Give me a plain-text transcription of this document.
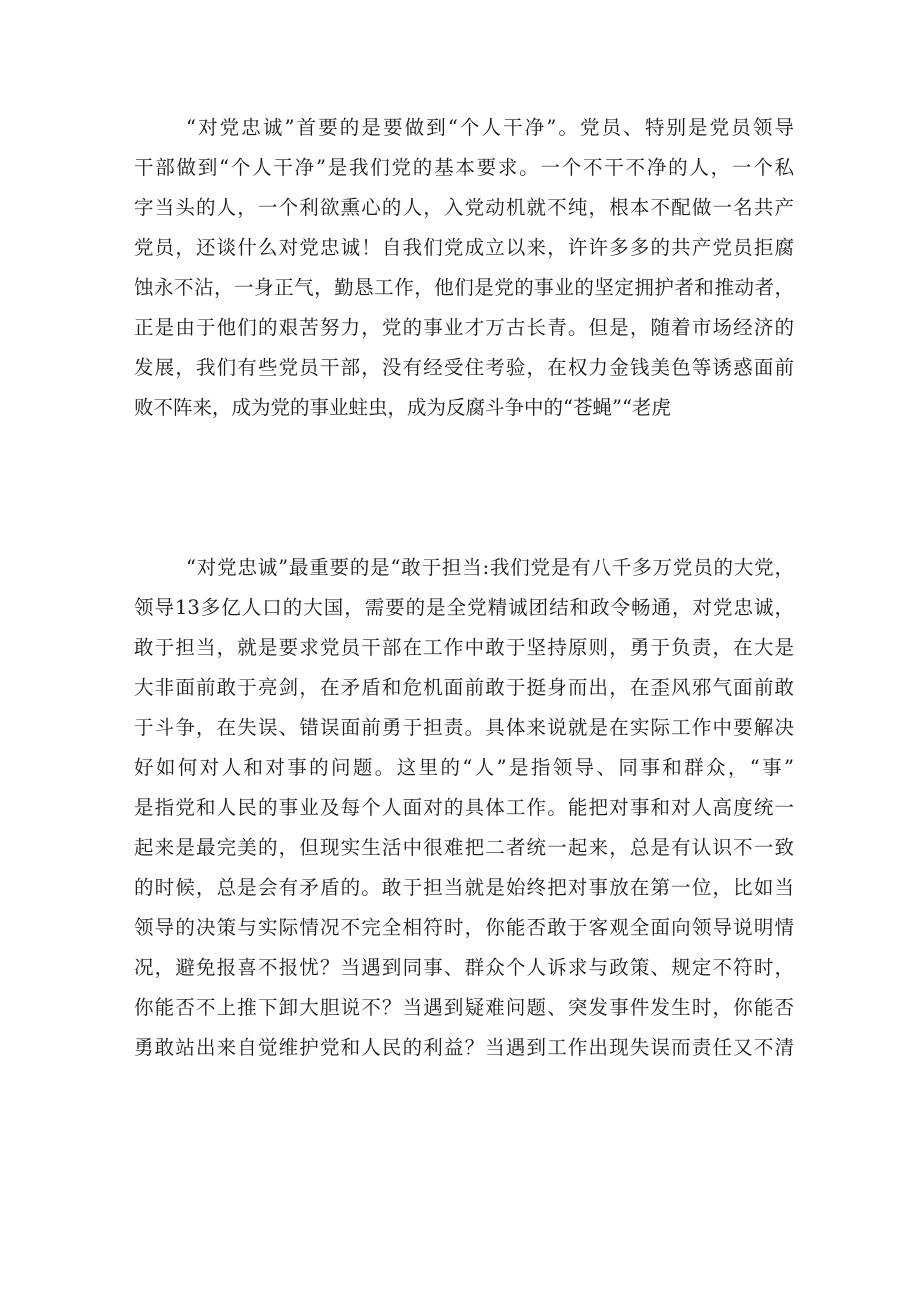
“对党忠诚”首要的是要做到“个人干净”。党员、特别是党员领导
干部做到“个人干净”是我们党的基本要求。一个不干不净的人，一个私
字当头的人，一个利欲熏心的人，入党动机就不纯，根本不配做一名共产
党员，还谈什么对党忠诚！自我们党成立以来，许许多多的共产党员拒腐
蚀永不沾，一身正气，勤恳工作，他们是党的事业的坚定拥护者和推动者，
正是由于他们的艰苦努力，党的事业才万古长青。但是，随着市场经济的
发展，我们有些党员干部，没有经受住考验，在权力金钱美色等诱惑面前
败不阵来，成为党的事业蛀虫，成为反腐斗争中的“苍蝇”“老虎
“对党忠诚”最重要的是“敢于担当:我们党是有八千多万党员的大党，
领导13多亿人口的大国，需要的是全党精诚团结和政令畅通，对党忠诚，
敢于担当，就是要求党员干部在工作中敢于坚持原则，勇于负责，在大是
大非面前敢于亮剑，在矛盾和危机面前敢于挺身而出，在歪风邪气面前敢
于斗争，在失误、错误面前勇于担责。具体来说就是在实际工作中要解决
好如何对人和对事的问题。这里的“人”是指领导、同事和群众，“事”
是指党和人民的事业及每个人面对的具体工作。能把对事和对人高度统一
起来是最完美的，但现实生活中很难把二者统一起来，总是有认识不一致
的时候，总是会有矛盾的。敢于担当就是始终把对事放在第一位，比如当
领导的决策与实际情况不完全相符时，你能否敢于客观全面向领导说明情
况，避免报喜不报忧？当遇到同事、群众个人诉求与政策、规定不符时，
你能否不上推下卸大胆说不？当遇到疑难问题、突发事件发生时，你能否
勇敢站出来自觉维护党和人民的利益？当遇到工作出现失误而责任又不清
